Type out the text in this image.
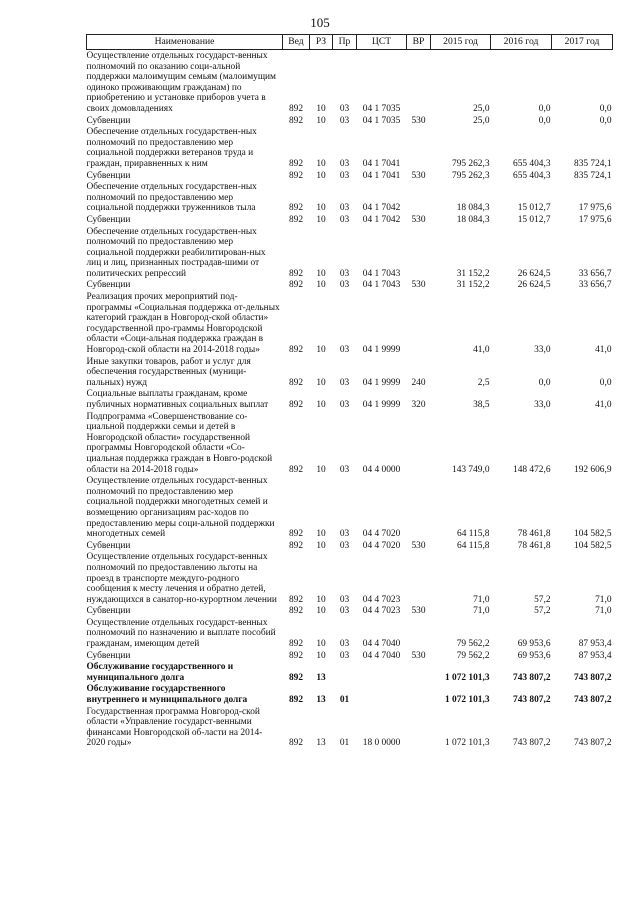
105
Наименование	Вед	РЗ	Пр	ЦСТ	ВР	2015 год	2016 год	2017 год
Осуществление отдельных государст-венных полномочий по оказанию соци-альной поддержки малоимущим семьям (малоимущим одиноко проживающим гражданам) по приобретению и установке приборов учета в своих домовладениях	892	10	03	04 1 7035		25,0	0,0	0,0
Субвенции	892	10	03	04 1 7035	530	25,0	0,0	0,0
Обеспечение отдельных государствен-ных полномочий по предоставлению мер социальной поддержки ветеранов труда и граждан, приравненных к ним	892	10	03	04 1 7041		795 262,3	655 404,3	835 724,1
Субвенции	892	10	03	04 1 7041	530	795 262,3	655 404,3	835 724,1
Обеспечение отдельных государствен-ных полномочий по предоставлению мер социальной поддержки труженников тыла	892	10	03	04 1 7042		18 084,3	15 012,7	17 975,6
Субвенции	892	10	03	04 1 7042	530	18 084,3	15 012,7	17 975,6
Обеспечение отдельных государствен-ных полномочий по предоставлению мер социальной поддержки реабилитирован-ных лиц и лиц, признанных пострадав-шими от политических репрессий	892	10	03	04 1 7043		31 152,2	26 624,5	33 656,7
Субвенции	892	10	03	04 1 7043	530	31 152,2	26 624,5	33 656,7
Реализация прочих мероприятий под-программы «Социальная поддержка от-дельных категорий граждан в Новгород-ской области» государственной про-граммы Новгородской области «Соци-альная поддержка граждан в Новгород-ской области на 2014-2018 годы»	892	10	03	04 1 9999		41,0	33,0	41,0
Иные закупки товаров, работ и услуг для обеспечения государственных (муници-пальных) нужд	892	10	03	04 1 9999	240	2,5	0,0	0,0
Социальные выплаты гражданам, кроме публичных нормативных социальных выплат	892	10	03	04 1 9999	320	38,5	33,0	41,0
Подпрограмма «Совершенствование со-циальной поддержки семьи и детей в Новгородской области» государственной программы Новгородской области «Со-циальная поддержка граждан в Новго-родской области на 2014-2018 годы»	892	10	03	04 4 0000		143 749,0	148 472,6	192 606,9
Осуществление отдельных государст-венных полномочий по предоставлению мер социальной поддержки многодетных семей и возмещению организациям рас-ходов по предоставлению меры соци-альной поддержки многодетных семей	892	10	03	04 4 7020		64 115,8	78 461,8	104 582,5
Субвенции	892	10	03	04 4 7020	530	64 115,8	78 461,8	104 582,5
Осуществление отдельных государст-венных полномочий по предоставлению льготы на проезд в транспорте междуго-родного сообщения к месту лечения и обратно детей, нуждающихся в санатор-но-курортном лечении	892	10	03	04 4 7023		71,0	57,2	71,0
Субвенции	892	10	03	04 4 7023	530	71,0	57,2	71,0
Осуществление отдельных государст-венных полномочий по назначению и выплате пособий гражданам, имеющим детей	892	10	03	04 4 7040		79 562,2	69 953,6	87 953,4
Субвенции	892	10	03	04 4 7040	530	79 562,2	69 953,6	87 953,4
Обслуживание государственного и муниципального долга	892	13				1 072 101,3	743 807,2	743 807,2
Обслуживание государственного внутреннего и муниципального долга	892	13	01			1 072 101,3	743 807,2	743 807,2
Государственная программа Новгород-ской области «Управление государст-венными финансами Новгородской об-ласти на 2014-2020 годы»	892	13	01	18 0 0000		1 072 101,3	743 807,2	743 807,2
